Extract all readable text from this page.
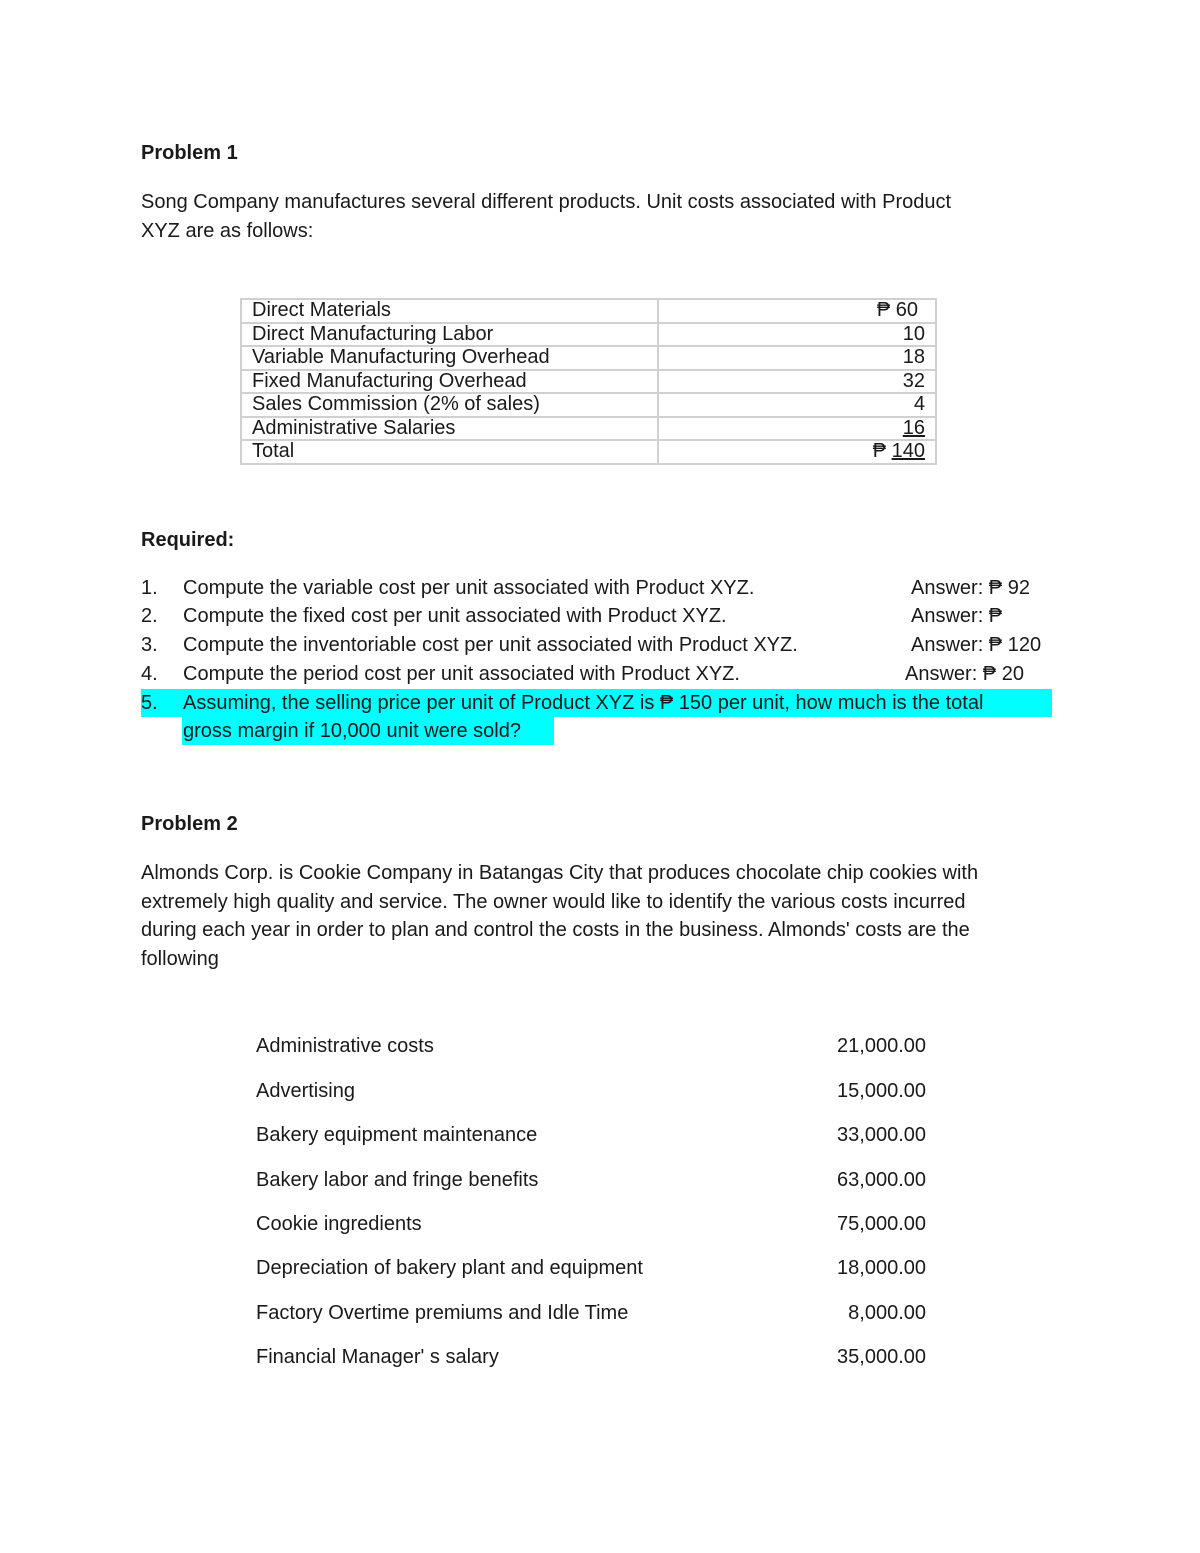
Problem 1
Song Company manufactures several different products. Unit costs associated with Product
XYZ are as follows:
Direct Materials	₱ 60
Direct Manufacturing Labor	10
Variable Manufacturing Overhead	18
Fixed Manufacturing Overhead	32
Sales Commission (2% of sales)	4
Administrative Salaries	16
Total	₱ 140
Required:
1. Compute the variable cost per unit associated with Product XYZ.	Answer: ₱ 92
2. Compute the fixed cost per unit associated with Product XYZ.	Answer: ₱
3. Compute the inventoriable cost per unit associated with Product XYZ.	Answer: ₱ 120
4. Compute the period cost per unit associated with Product XYZ.	Answer: ₱ 20
5. Assuming, the selling price per unit of Product XYZ is ₱ 150 per unit, how much is the total
gross margin if 10,000 unit were sold?
Problem 2
Almonds Corp. is Cookie Company in Batangas City that produces chocolate chip cookies with
extremely high quality and service. The owner would like to identify the various costs incurred
during each year in order to plan and control the costs in the business. Almonds' costs are the
following
Administrative costs	21,000.00
Advertising	15,000.00
Bakery equipment maintenance	33,000.00
Bakery labor and fringe benefits	63,000.00
Cookie ingredients	75,000.00
Depreciation of bakery plant and equipment	18,000.00
Factory Overtime premiums and Idle Time	8,000.00
Financial Manager' s salary	35,000.00
